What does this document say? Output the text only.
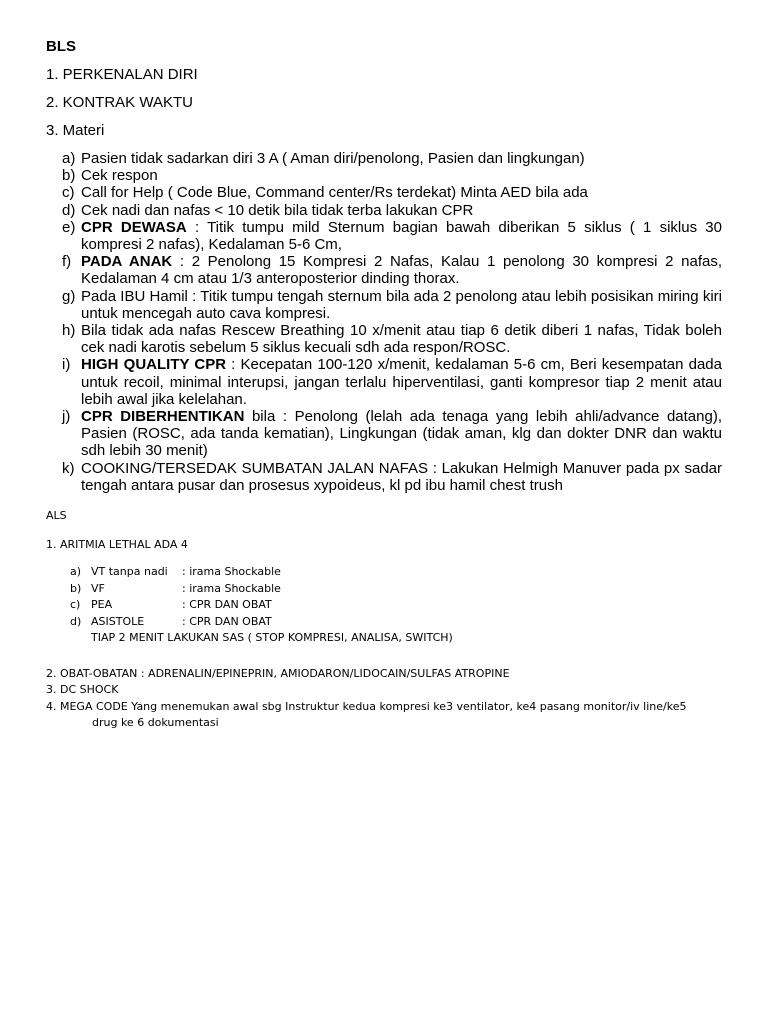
BLS
1. PERKENALAN DIRI
2. KONTRAK WAKTU
3. Materi
a) Pasien tidak sadarkan diri 3 A ( Aman diri/penolong, Pasien dan lingkungan)
b) Cek respon
c) Call for Help ( Code Blue, Command center/Rs terdekat) Minta AED bila ada
d) Cek nadi dan nafas < 10 detik bila tidak terba lakukan CPR
e) CPR DEWASA : Titik tumpu mild Sternum bagian bawah diberikan 5 siklus ( 1 siklus 30 kompresi 2 nafas), Kedalaman 5-6 Cm,
f) PADA ANAK : 2 Penolong 15 Kompresi 2 Nafas, Kalau 1 penolong 30 kompresi 2 nafas, Kedalaman 4 cm atau 1/3 anteroposterior dinding thorax.
g) Pada IBU Hamil : Titik tumpu tengah sternum bila ada 2 penolong atau lebih posisikan miring kiri untuk mencegah auto cava kompresi.
h) Bila tidak ada nafas Rescew Breathing 10 x/menit atau tiap 6 detik diberi 1 nafas, Tidak boleh cek nadi karotis sebelum 5 siklus kecuali sdh ada respon/ROSC.
i) HIGH QUALITY CPR : Kecepatan 100-120 x/menit, kedalaman 5-6 cm, Beri kesempatan dada untuk recoil, minimal interupsi, jangan terlalu hiperventilasi, ganti kompresor tiap 2 menit atau lebih awal jika kelelahan.
j) CPR DIBERHENTIKAN bila : Penolong (lelah ada tenaga yang lebih ahli/advance datang), Pasien (ROSC, ada tanda kematian), Lingkungan (tidak aman, klg dan dokter DNR dan waktu sdh lebih 30 menit)
k) COOKING/TERSEDAK SUMBATAN JALAN NAFAS : Lakukan Helmigh Manuver pada px sadar tengah antara pusar dan prosesus xypoideus, kl pd ibu hamil chest trush
ALS
1. ARITMIA LETHAL ADA 4
a) VT tanpa nadi	: irama Shockable
b) VF	: irama Shockable
c) PEA	: CPR DAN OBAT
d) ASISTOLE	: CPR DAN OBAT
TIAP 2 MENIT LAKUKAN SAS ( STOP KOMPRESI, ANALISA, SWITCH)
2. OBAT-OBATAN : ADRENALIN/EPINEPRIN, AMIODARON/LIDOCAIN/SULFAS ATROPINE
3. DC SHOCK
4. MEGA CODE Yang menemukan awal sbg Instruktur kedua kompresi ke3 ventilator, ke4 pasang monitor/iv line/ke5
drug ke 6 dokumentasi
